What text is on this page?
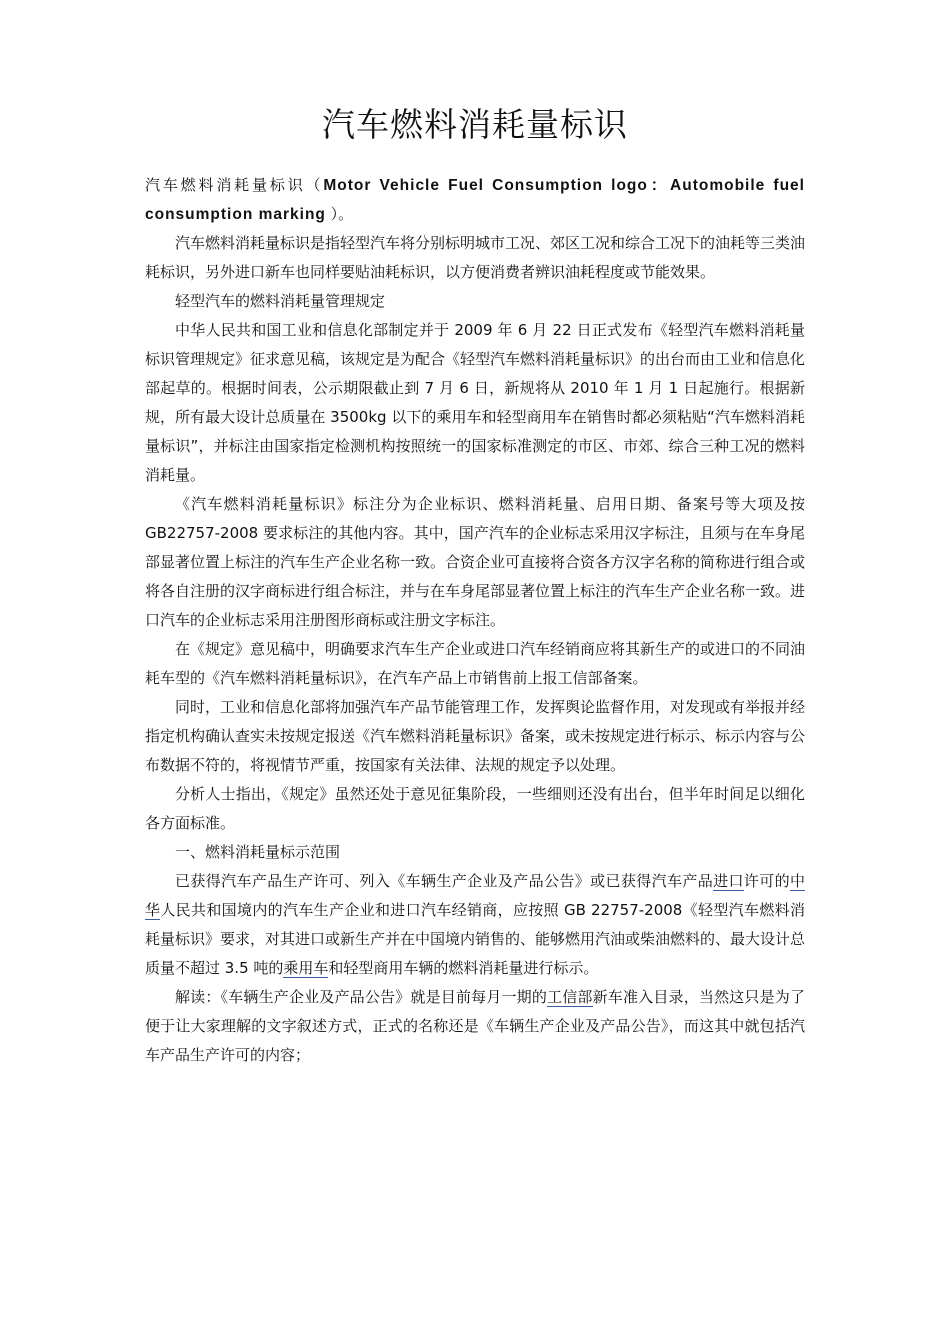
汽车燃料消耗量标识

汽车燃料消耗量标识（Motor Vehicle Fuel Consumption logo：Automobile fuel consumption marking ）。

汽车燃料消耗量标识是指轻型汽车将分别标明城市工况、郊区工况和综合工况下的油耗等三类油耗标识，另外进口新车也同样要贴油耗标识，以方便消费者辨识油耗程度或节能效果。

轻型汽车的燃料消耗量管理规定

中华人民共和国工业和信息化部制定并于 2009 年 6 月 22 日正式发布《轻型汽车燃料消耗量标识管理规定》征求意见稿，该规定是为配合《轻型汽车燃料消耗量标识》的出台而由工业和信息化部起草的。根据时间表，公示期限截止到 7 月 6 日，新规将从 2010 年 1 月 1 日起施行。根据新规，所有最大设计总质量在 3500kg 以下的乘用车和轻型商用车在销售时都必须粘贴“汽车燃料消耗量标识”，并标注由国家指定检测机构按照统一的国家标准测定的市区、市郊、综合三种工况的燃料消耗量。

《汽车燃料消耗量标识》标注分为企业标识、燃料消耗量、启用日期、备案号等大项及按 GB22757-2008 要求标注的其他内容。其中，国产汽车的企业标志采用汉字标注，且须与在车身尾部显著位置上标注的汽车生产企业名称一致。合资企业可直接将合资各方汉字名称的简称进行组合或将各自注册的汉字商标进行组合标注，并与在车身尾部显著位置上标注的汽车生产企业名称一致。进口汽车的企业标志采用注册图形商标或注册文字标注。

在《规定》意见稿中，明确要求汽车生产企业或进口汽车经销商应将其新生产的或进口的不同油耗车型的《汽车燃料消耗量标识》，在汽车产品上市销售前上报工信部备案。

同时，工业和信息化部将加强汽车产品节能管理工作，发挥舆论监督作用，对发现或有举报并经指定机构确认查实未按规定报送《汽车燃料消耗量标识》备案，或未按规定进行标示、标示内容与公布数据不符的，将视情节严重，按国家有关法律、法规的规定予以处理。

分析人士指出，《规定》虽然还处于意见征集阶段，一些细则还没有出台，但半年时间足以细化各方面标准。

一、燃料消耗量标示范围

已获得汽车产品生产许可、列入《车辆生产企业及产品公告》或已获得汽车产品进口许可的中华人民共和国境内的汽车生产企业和进口汽车经销商，应按照 GB 22757-2008《轻型汽车燃料消耗量标识》要求，对其进口或新生产并在中国境内销售的、能够燃用汽油或柴油燃料的、最大设计总质量不超过 3.5 吨的乘用车和轻型商用车辆的燃料消耗量进行标示。

解读：《车辆生产企业及产品公告》就是目前每月一期的工信部新车准入目录，当然这只是为了便于让大家理解的文字叙述方式，正式的名称还是《车辆生产企业及产品公告》，而这其中就包括汽车产品生产许可的内容；
